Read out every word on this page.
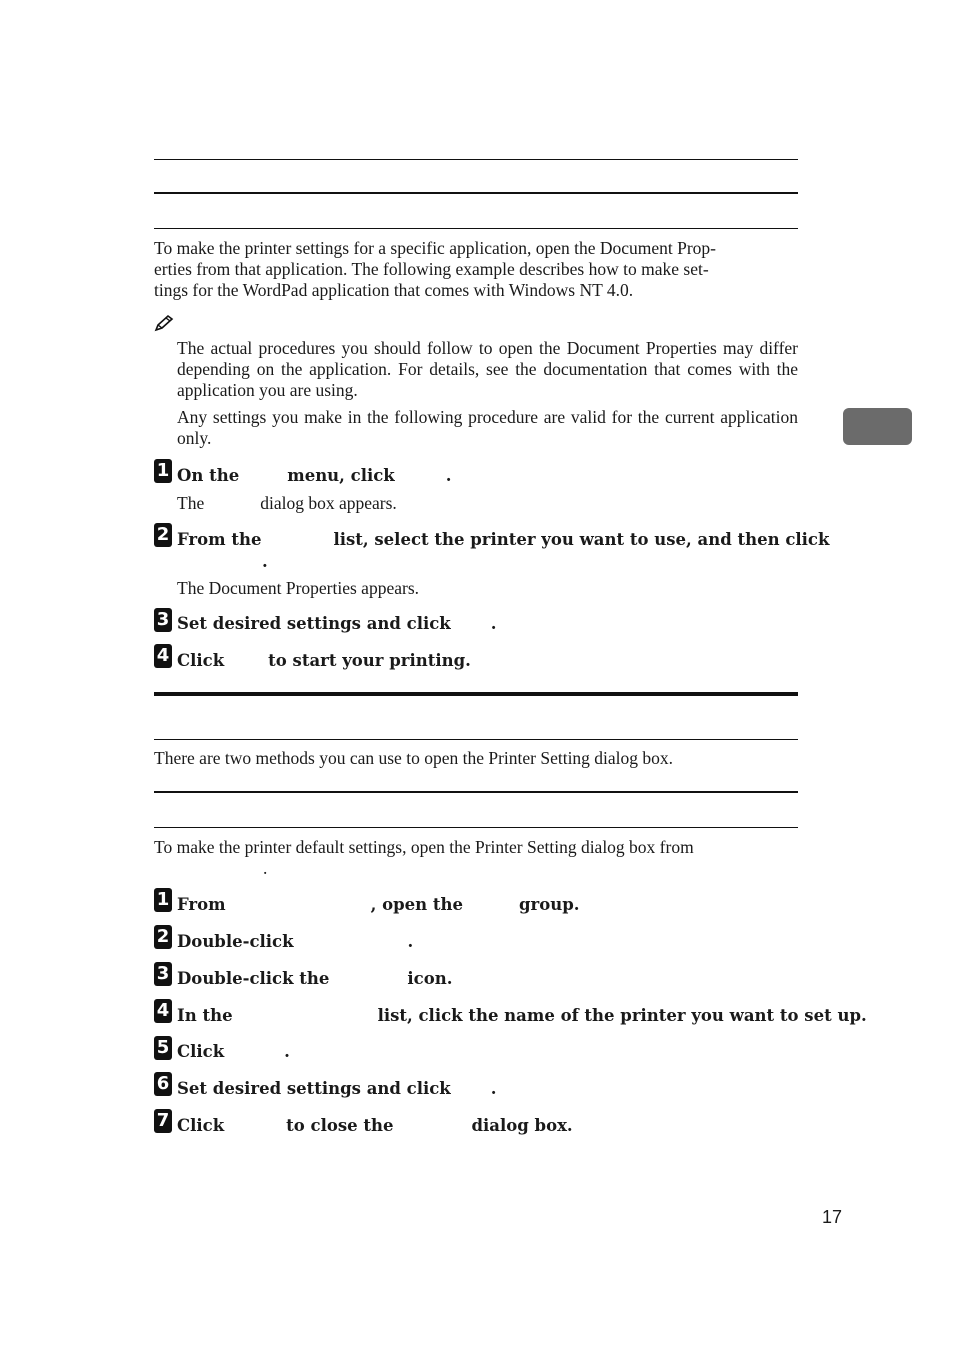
To make the printer settings for a specific application, open the Document Prop-
erties from that application. The following example describes how to make set-
tings for the WordPad application that comes with Windows NT 4.0.

The actual procedures you should follow to open the Document Properties may differ depending on the application. For details, see the documentation that comes with the application you are using.

Any settings you make in the following procedure are valid for the current application only.

1 On the	menu, click	.

The	dialog box appears.
2 From the	list, select the printer you want to use, and then click

.

The Document Properties appears.
3 Set desired settings and click .

4 Click	to start your printing.

There are two methods you can use to open the Printer Setting dialog box.

To make the printer default settings, open the Printer Setting dialog box from

.
1 From	, open the	group.

2 Double-click	.

3 Double-click the	icon.

4 In the	list, click the name of the printer you want to set up.

5 Click	.

6 Set desired settings and click .

7 Click	to close the	dialog box.

17
